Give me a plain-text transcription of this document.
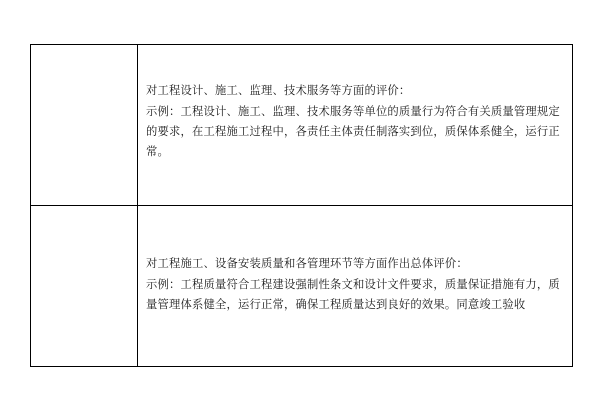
	对工程设计、施工、监理、技术服务等方面的评价：

示例：工程设计、施工、监理、技术服务等单位的质量行为符合有关质量管理规定的要求，在工程施工过程中，各责任主体责任制落实到位，质保体系健全，运行正常。

	对工程施工、设备安装质量和各管理环节等方面作出总体评价：

示例：工程质量符合工程建设强制性条文和设计文件要求，质量保证措施有力，质量管理体系健全，运行正常，确保工程质量达到良好的效果。同意竣工验收
